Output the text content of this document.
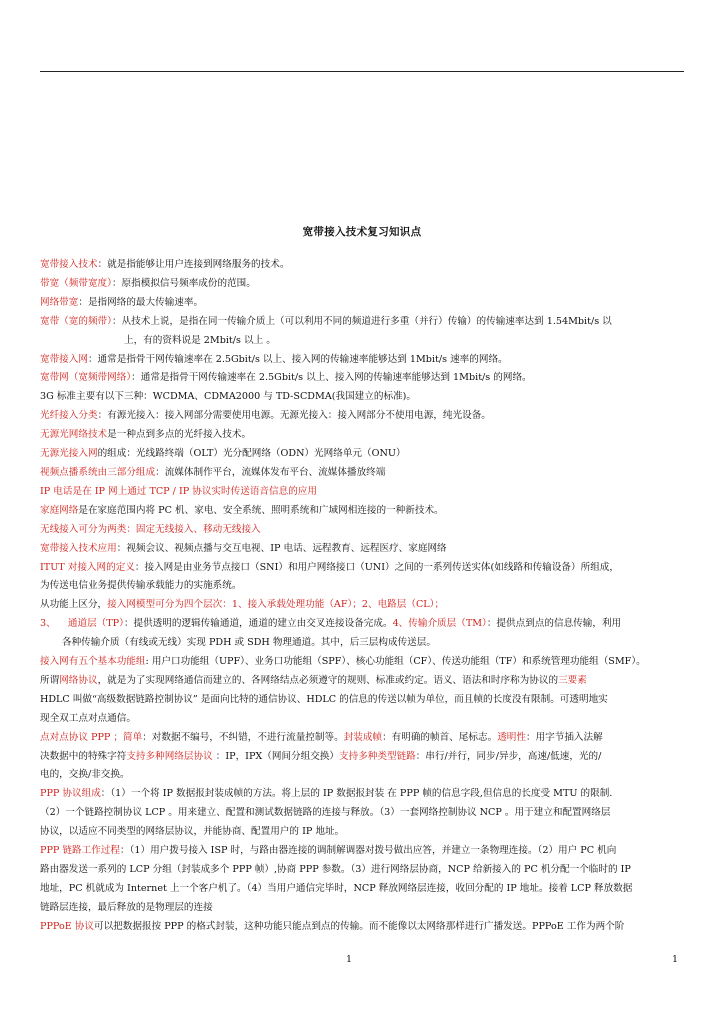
宽带接入技术复习知识点

宽带接入技术：就是指能够让用户连接到网络服务的技术。

带宽（频带宽度）：原指模拟信号频率成份的范围。

网络带宽：是指网络的最大传输速率。

宽带（宽的频带）：从技术上说，是指在同一传输介质上（可以利用不同的频道进行多重（并行）传输）的传输速率达到 1.54Mbit/s 以

上，有的资料说是 2Mbit/s 以上 。

宽带接入网：通常是指骨干网传输速率在 2.5Gbit/s 以上、接入网的传输速率能够达到 1Mbit/s 速率的网络。

宽带网（宽频带网络）：通常是指骨干网传输速率在 2.5Gbit/s 以上、接入网的传输速率能够达到 1Mbit/s 的网络。

3G 标准主要有以下三种：WCDMA、CDMA2000 与 TD-SCDMA(我国建立的标准)。

光纤接入分类：有源光接入：接入网部分需要使用电源。无源光接入：接入网部分不使用电源，纯光设备。

无源光网络技术是一种点到多点的光纤接入技术。

无源光接入网的组成：光线路终端（OLT）光分配网络（ODN）光网络单元（ONU）

视频点播系统由三部分组成：流媒体制作平台，流媒体发布平台、流媒体播放终端

IP 电话是在 IP 网上通过 TCP / IP 协议实时传送语音信息的应用

家庭网络是在家庭范围内将 PC 机、家电、安全系统、照明系统和广域网相连接的一种新技术。

无线接入可分为两类：固定无线接入、移动无线接入

宽带接入技术应用：视频会议、视频点播与交互电视、IP 电话、远程教育、远程医疗、家庭网络

ITUT 对接入网的定义：接入网是由业务节点接口（SNI）和用户网络接口（UNI）之间的一系列传送实体(如线路和传输设备）所组成，

为传送电信业务提供传输承载能力的实施系统。

从功能上区分，接入网模型可分为四个层次：1、接入承载处理功能（AF）；2、电路层（CL）；

3、 通道层（TP）：提供透明的逻辑传输通道，通道的建立由交叉连接设备完成。4、传输介质层（TM）：提供点到点的信息传输，利用

各种传输介质（有线或无线）实现 PDH 或 SDH 物理通道。其中，后三层构成传送层。

接入网有五个基本功能组: 用户口功能组（UPF）、业务口功能组（SPF）、核心功能组（CF）、传送功能组（TF）和系统管理功能组（SMF）。

所谓网络协议，就是为了实现网络通信而建立的、各网络结点必须遵守的规则、标准或约定。语义、语法和时序称为协议的三要素

HDLC 叫做“高级数据链路控制协议” 是面向比特的通信协议、HDLC 的信息的传送以帧为单位，而且帧的长度没有限制。可透明地实

现全双工点对点通信。

点对点协议 PPP ；简单：对数据不编号，不纠错，不进行流量控制等。封装成帧：有明确的帧首、尾标志。透明性：用字节插入法解

决数据中的特殊字符支持多种网络层协议 ：IP，IPX（网间分组交换）支持多种类型链路：串行/并行，同步/异步，高速/低速，光的/

电的，交换/非交换。

PPP 协议组成：（1）一个将 IP 数据报封装成帧的方法。将上层的 IP 数据报封装 在 PPP 帧的信息字段,但信息的长度受 MTU 的限制.

（2）一个链路控制协议 LCP 。用来建立、配置和测试数据链路的连接与释放。（3）一套网络控制协议 NCP 。用于建立和配置网络层

协议，以适应不同类型的网络层协议，并能协商、配置用户的 IP 地址。

PPP 链路工作过程：（1）用户拨号接入 ISP 时，与路由器连接的调制解调器对拨号做出应答，并建立一条物理连接。（2）用户 PC 机向

路由器发送一系列的 LCP 分组（封装成多个 PPP 帧）,协商 PPP 参数。（3）进行网络层协商，NCP 给新接入的 PC 机分配一个临时的 IP

地址，PC 机就成为 Internet 上一个客户机了。（4）当用户通信完毕时，NCP 释放网络层连接，收回分配的 IP 地址。接着 LCP 释放数据

链路层连接，最后释放的是物理层的连接

PPPoE 协议可以把数据报按 PPP 的格式封装，这种功能只能点到点的传输。而不能像以太网络那样进行广播发送。PPPoE 工作为两个阶

1	1
